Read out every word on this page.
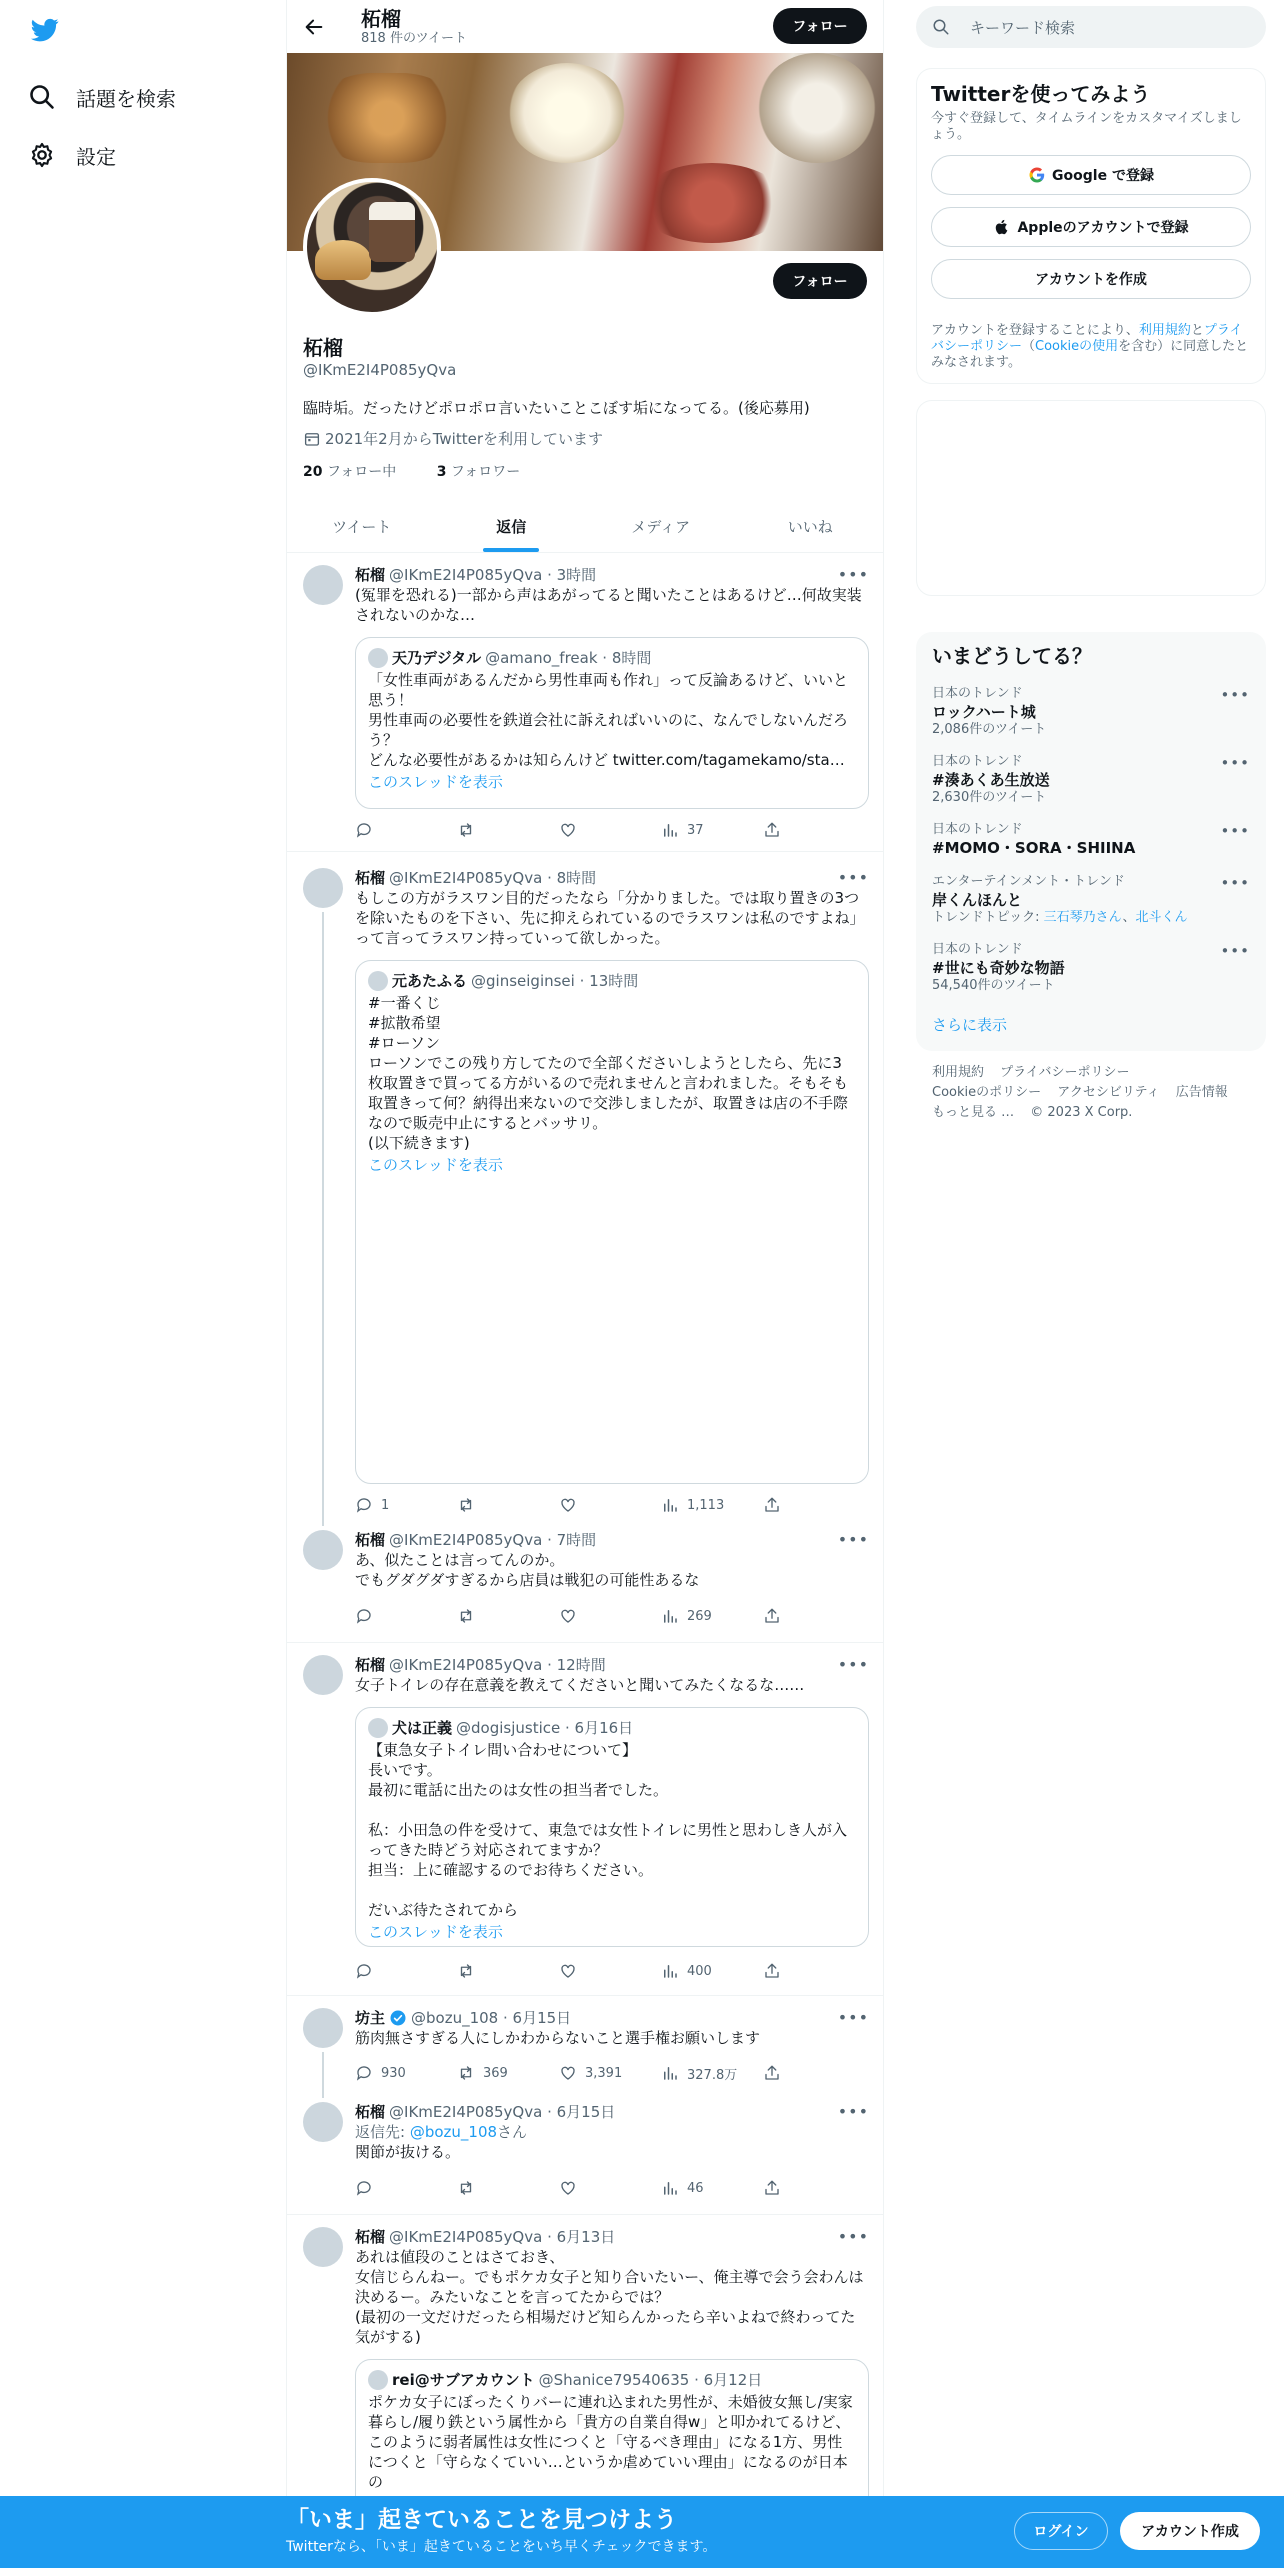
話題を検索
設定
柘榴
818 件のツイート
フォロー
フォロー
柘榴
@IKmE2I4P085yQva
臨時垢。だったけどポロポロ言いたいことこぼす垢になってる。(後応募用)
2021年2月からTwitterを利用しています
20 フォロー中	3 フォロワー
ツイート	返信	メディア	いいね
•••
柘榴 @IKmE2I4P085yQva · 3時間
(冤罪を恐れる)一部から声はあがってると聞いたことはあるけど…何故実装されないのかな…
天乃デジタル @amano_freak · 8時間
「女性車両があるんだから男性車両も作れ」って反論あるけど、いいと思う！
男性車両の必要性を鉄道会社に訴えればいいのに、なんでしないんだろう？
どんな必要性があるかは知らんけど twitter.com/tagamekamo/sta…
このスレッドを表示
37
•••
柘榴 @IKmE2I4P085yQva · 8時間
もしこの方がラスワン目的だったなら「分かりました。では取り置きの3つを除いたものを下さい、先に抑えられているのでラスワンは私のですよね」って言ってラスワン持っていって欲しかった。
元あたふる @ginseiginsei · 13時間
#一番くじ
#拡散希望
#ローソン
ローソンでこの残り方してたので全部くださいしようとしたら、先に3枚取置きで買ってる方がいるので売れませんと言われました。そもそも取置きって何？納得出来ないので交渉しましたが、取置きは店の不手際なので販売中止にするとバッサリ。
(以下続きます)
このスレッドを表示
1	1,113
•••
柘榴 @IKmE2I4P085yQva · 7時間
あ、似たことは言ってんのか。
でもグダグダすぎるから店員は戦犯の可能性あるな
269
•••
柘榴 @IKmE2I4P085yQva · 12時間
女子トイレの存在意義を教えてくださいと聞いてみたくなるな……
犬は正義 @dogisjustice · 6月16日
【東急女子トイレ問い合わせについて】
長いです。
最初に電話に出たのは女性の担当者でした。

私：小田急の件を受けて、東急では女性トイレに男性と思わしき人が入ってきた時どう対応されてますか？
担当：上に確認するのでお待ちください。

だいぶ待たされてから
このスレッドを表示
400
•••
坊主 @bozu_108 · 6月15日
筋肉無さすぎる人にしかわからないこと選手権お願いします
930	369	3,391	327.8万
•••
柘榴 @IKmE2I4P085yQva · 6月15日
返信先: @bozu_108さん
関節が抜ける。
46
•••
柘榴 @IKmE2I4P085yQva · 6月13日
あれは値段のことはさておき、
女信じらんねー。でもポケカ女子と知り合いたいー、俺主導で会う会わんは決めるー。みたいなことを言ってたからでは？
(最初の一文だけだったら相場だけど知らんかったら辛いよねで終わってた気がする)
rei@サブアカウント @Shanice79540635 · 6月12日
ポケカ女子にぼったくりバーに連れ込まれた男性が、未婚彼女無し/実家暮らし/履り鉄という属性から「貴方の自業自得w」と叩かれてるけど、このように弱者属性は女性につくと「守るべき理由」になる1方、男性につくと「守らなくていい…というか虐めていい理由」になるのが日本の
キーワード検索
Twitterを使ってみよう
今すぐ登録して、タイムラインをカスタマイズしましょう。
Google で登録
Appleのアカウントで登録
アカウントを作成
アカウントを登録することにより、利用規約とプライバシーポリシー（Cookieの使用を含む）に同意したとみなされます。
いまどうしてる？
日本のトレンド
ロックハート城
2,086件のツイート
•••
日本のトレンド
#湊あくあ生放送
2,630件のツイート
•••
日本のトレンド
#MOMO・SORA・SHIINA
•••
エンターテインメント・トレンド
岸くんほんと
トレンドトピック: 三石琴乃さん、北斗くん
•••
日本のトレンド
#世にも奇妙な物語
54,540件のツイート
•••
さらに表示
利用規約 プライバシーポリシー
Cookieのポリシー アクセシビリティ 広告情報
もっと見る … © 2023 X Corp.
「いま」起きていることを見つけよう
Twitterなら、「いま」起きていることをいち早くチェックできます。
ログイン	アカウント作成
